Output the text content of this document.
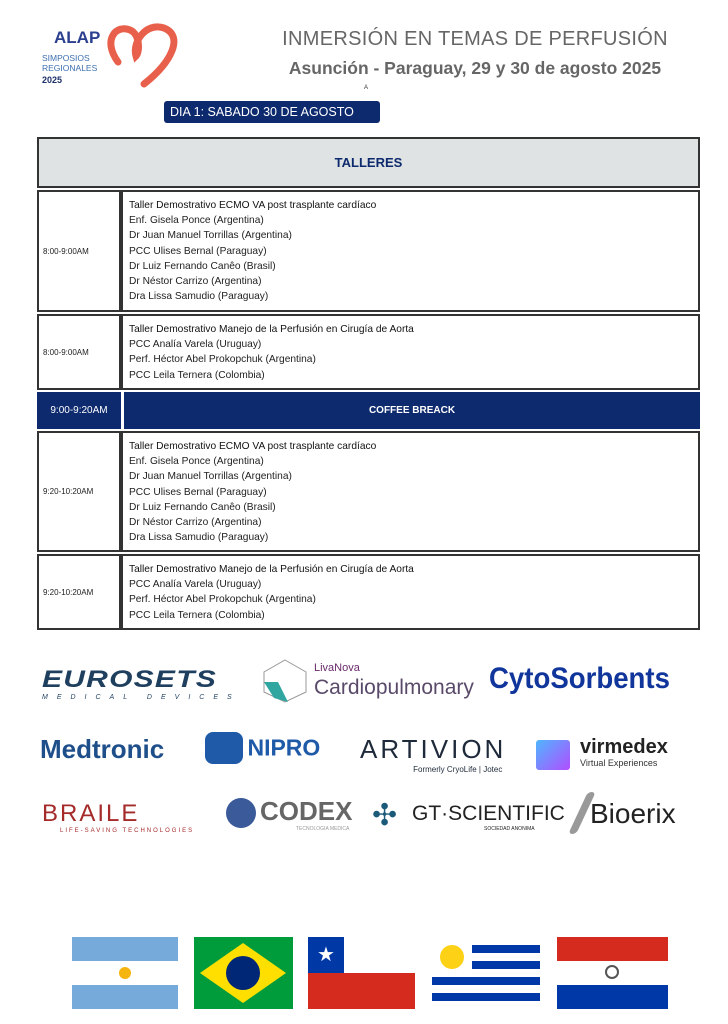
ALAP
SIMPOSIOS
REGIONALES
2025
INMERSIÓN EN TEMAS DE PERFUSIÓN
Asunción - Paraguay, 29 y 30 de agosto 2025
A
DIA 1: SABADO 30 DE AGOSTO
TALLERES
8:00-9:00AM
Taller Demostrativo ECMO VA post trasplante cardíaco
Enf. Gisela Ponce (Argentina)
Dr Juan Manuel Torrillas (Argentina)
PCC Ulises Bernal (Paraguay)
Dr Luiz Fernando Canêo (Brasil)
Dr Néstor Carrizo (Argentina)
Dra Lissa Samudio (Paraguay)
8:00-9:00AM
Taller Demostrativo Manejo de la Perfusión en Cirugía de Aorta
PCC Analía Varela (Uruguay)
Perf. Héctor Abel Prokopchuk (Argentina)
PCC Leila Ternera (Colombia)
9:00-9:20AM	COFFEE BREACK
9:20-10:20AM
Taller Demostrativo ECMO VA post trasplante cardíaco
Enf. Gisela Ponce (Argentina)
Dr Juan Manuel Torrillas (Argentina)
PCC Ulises Bernal (Paraguay)
Dr Luiz Fernando Canêo (Brasil)
Dr Néstor Carrizo (Argentina)
Dra Lissa Samudio (Paraguay)
9:20-10:20AM
Taller Demostrativo Manejo de la Perfusión en Cirugía de Aorta
PCC Analía Varela (Uruguay)
Perf. Héctor Abel Prokopchuk (Argentina)
PCC Leila Ternera (Colombia)
EUROSETS
MEDICAL DEVICES
LivaNova
Cardiopulmonary CytoSorbents
Medtronic	NIPRO ARTIVION
Formerly CryoLife | Jotec
virmedex
Virtual Experiences
BRAILE
LIFE-SAVING TECHNOLOGIES
CODEX
TECNOLOGIA MEDICA ✣ GT·SCIENTIFIC
SOCIEDAD ANONIMA Bioerix
★
